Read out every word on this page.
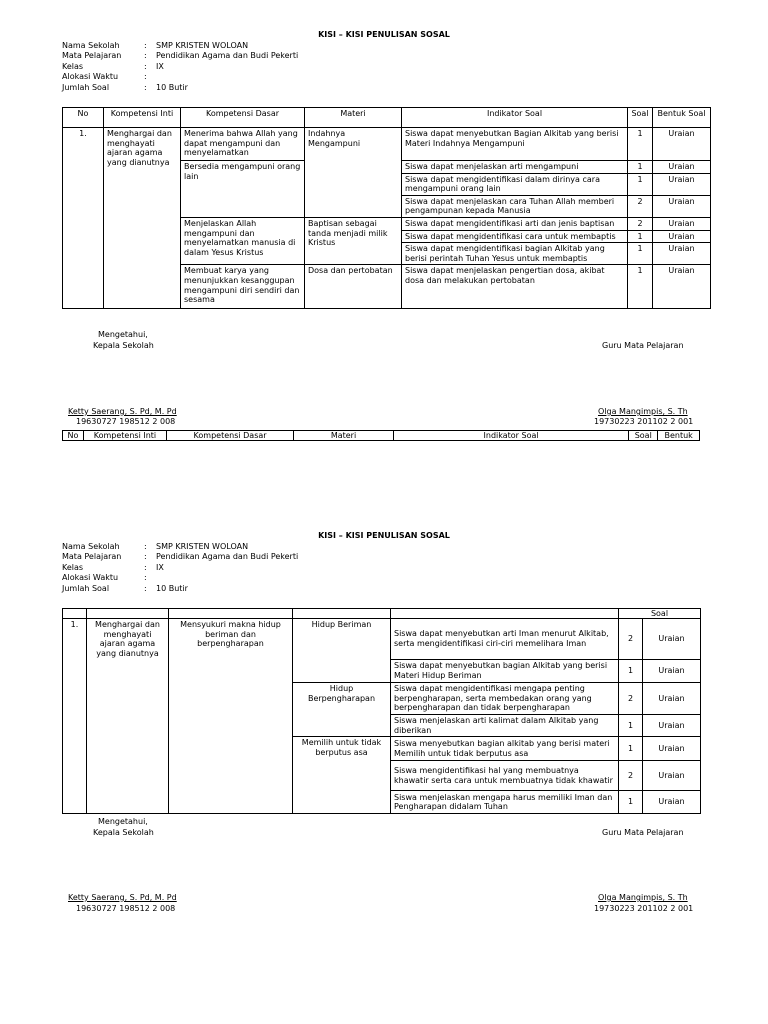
KISI – KISI PENULISAN SOSAL
Nama Sekolah	:	SMP KRISTEN WOLOAN
Mata Pelajaran	:	Pendidikan Agama dan Budi Pekerti
Kelas	:	IX
Alokasi Waktu	:
Jumlah Soal	:	10 Butir
No	Kompetensi Inti	Kompetensi Dasar	Materi	Indikator Soal	Soal	Bentuk Soal
1.	Menghargai dan menghayati ajaran agama yang dianutnya	Menerima bahwa Allah yang dapat mengampuni dan menyelamatkan	Indahnya Mengampuni	Siswa dapat menyebutkan Bagian Alkitab yang berisi Materi Indahnya Mengampuni	1	Uraian
		Bersedia mengampuni orang lain		Siswa dapat menjelaskan arti mengampuni	1	Uraian
				Siswa dapat mengidentifikasi dalam dirinya cara mengampuni orang lain	1	Uraian
				Siswa dapat menjelaskan cara Tuhan Allah memberi pengampunan kepada Manusia	2	Uraian
		Menjelaskan Allah mengampuni dan menyelamatkan manusia di dalam Yesus Kristus	Baptisan sebagai tanda menjadi milik Kristus	Siswa dapat mengidentifikasi arti dan jenis baptisan	2	Uraian
				Siswa dapat mengidentifikasi cara untuk membaptis	1	Uraian
				Siswa dapat mengidentifikasi bagian Alkitab yang berisi perintah Tuhan Yesus untuk membaptis	1	Uraian
		Membuat karya yang menunjukkan kesanggupan mengampuni diri sendiri dan sesama	Dosa dan pertobatan	Siswa dapat menjelaskan pengertian dosa, akibat dosa dan melakukan pertobatan	1	Uraian
Mengetahui,
Kepala Sekolah	Guru Mata Pelajaran
Ketty Saerang, S. Pd, M. Pd
19630727 198512 2 008
Olga Mangimpis, S. Th
19730223 201102 2 001
No	Kompetensi Inti	Kompetensi Dasar	Materi	Indikator Soal	Soal	Bentuk
KISI – KISI PENULISAN SOSAL
Nama Sekolah	:	SMP KRISTEN WOLOAN
Mata Pelajaran	:	Pendidikan Agama dan Budi Pekerti
Kelas	:	IX
Alokasi Waktu	:
Jumlah Soal	:	10 Butir
					Soal	
1.	Menghargai dan menghayati ajaran agama yang dianutnya	Mensyukuri makna hidup beriman dan berpengharapan	Hidup Beriman	Siswa dapat menyebutkan arti Iman menurut Alkitab, serta mengidentifikasi ciri-ciri memelihara Iman	2	Uraian
				Siswa dapat menyebutkan bagian Alkitab yang berisi Materi Hidup Beriman	1	Uraian
			Hidup Berpengharapan	Siswa dapat mengidentifikasi mengapa penting berpengharapan, serta membedakan orang yang berpengharapan dan tidak berpengharapan	2	Uraian
				Siswa menjelaskan arti kalimat dalam Alkitab yang diberikan	1	Uraian
			Memilih untuk tidak berputus asa	Siswa menyebutkan bagian alkitab yang berisi materi Memilih untuk tidak berputus asa	1	Uraian
				Siswa mengidentifikasi hal yang membuatnya khawatir serta cara untuk membuatnya tidak khawatir	2	Uraian
				Siswa menjelaskan mengapa harus memiliki Iman dan Pengharapan didalam Tuhan	1	Uraian
Mengetahui,
Kepala Sekolah	Guru Mata Pelajaran
Ketty Saerang, S. Pd, M. Pd
19630727 198512 2 008
Olga Mangimpis, S. Th
19730223 201102 2 001
